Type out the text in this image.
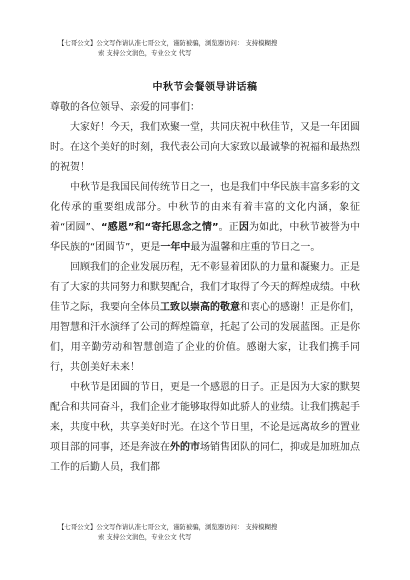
【七哥公文】公文写作请认准七哥公文，谨防被骗，浏览器访问： 支持模糊搜
索 支持公文润色，专业公文 代写
中秋节会餐领导讲话稿

尊敬的各位领导、亲爱的同事们：

大家好！今天，我们欢聚一堂，共同庆祝中秋佳节，又是一年团圆时。在这个美好的时刻，我代表公司向大家致以最诚挚的祝福和最热烈的祝贺！

中秋节是我国民间传统节日之一，也是我们中华民族丰富多彩的文化传承的重要组成部分。中秋节的由来有着丰富的文化内涵，象征着“团圆”、“感恩”和“寄托思念之情”。正因为如此，中秋节被誉为中华民族的“团圆节”，更是一年中最为温馨和庄重的节日之一。

回顾我们的企业发展历程，无不彰显着团队的力量和凝聚力。正是有了大家的共同努力和默契配合，我们才取得了今天的辉煌成绩。中秋佳节之际，我要向全体员工致以崇高的敬意和衷心的感谢！正是你们，用智慧和汗水演绎了公司的辉煌篇章，托起了公司的发展蓝图。正是你们，用辛勤劳动和智慧创造了企业的价值。感谢大家，让我们携手同行，共创美好未来！

中秋节是团圆的节日，更是一个感恩的日子。正是因为大家的默契配合和共同奋斗，我们企业才能够取得如此骄人的业绩。让我们携起手来，共度中秋，共享美好时光。在这个节日里，不论是远离故乡的置业项目部的同事，还是奔波在外的市场销售团队的同仁，抑或是加班加点工作的后勤人员，我们都

【七哥公文】公文写作请认准七哥公文，谨防被骗，浏览器访问： 支持模糊搜
索 支持公文润色，专业公文 代写
